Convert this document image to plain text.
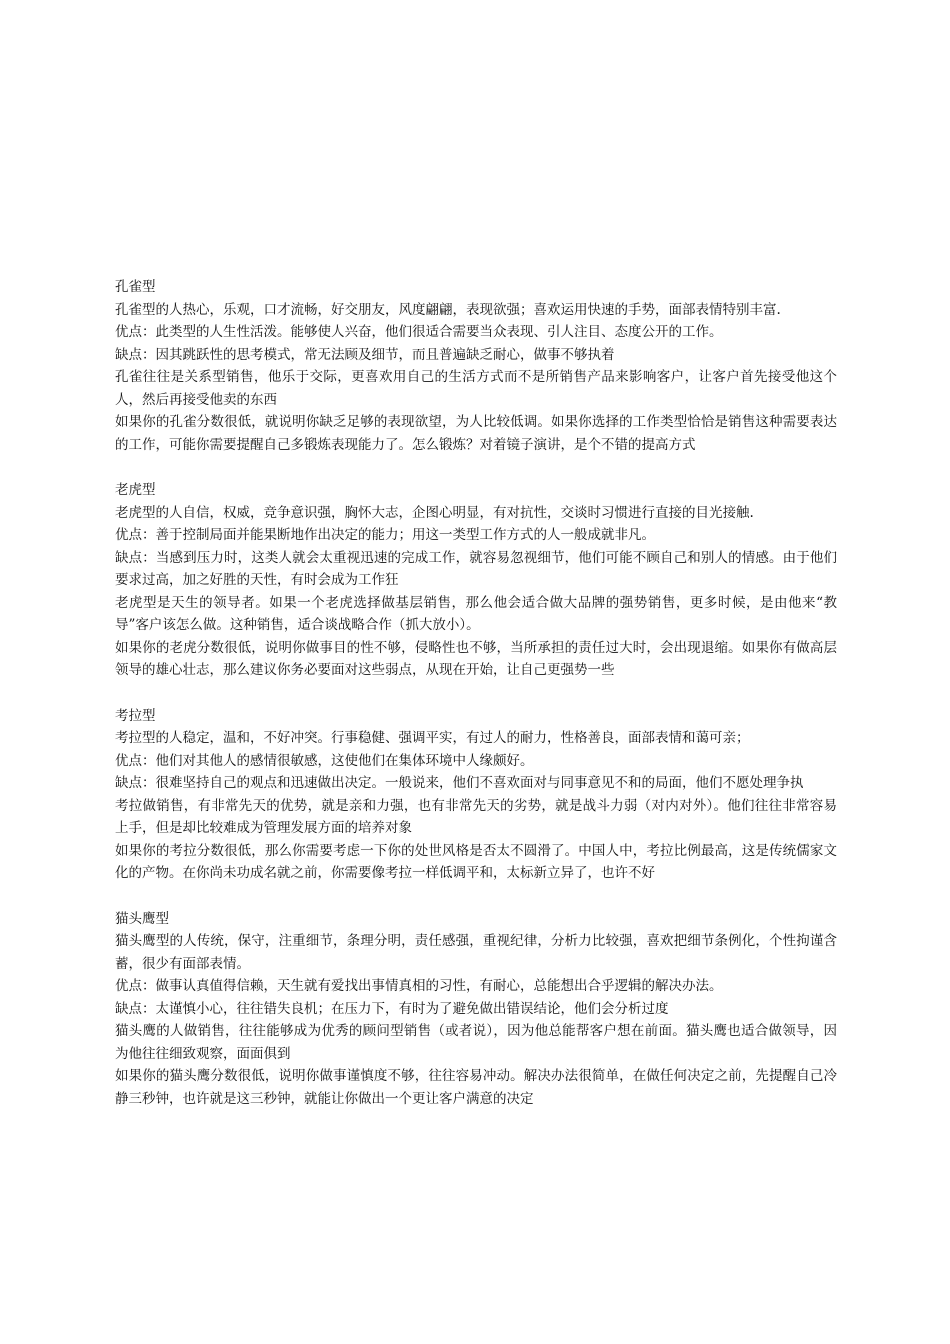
孔雀型

孔雀型的人热心，乐观，口才流畅，好交朋友，风度翩翩，表现欲强；喜欢运用快速的手势，面部表情特别丰富.

优点：此类型的人生性活泼。能够使人兴奋，他们很适合需要当众表现、引人注目、态度公开的工作。

缺点：因其跳跃性的思考模式，常无法顾及细节，而且普遍缺乏耐心，做事不够执着

孔雀往往是关系型销售，他乐于交际，更喜欢用自己的生活方式而不是所销售产品来影响客户，让客户首先接受他这个人，然后再接受他卖的东西

如果你的孔雀分数很低，就说明你缺乏足够的表现欲望，为人比较低调。如果你选择的工作类型恰恰是销售这种需要表达的工作，可能你需要提醒自己多锻炼表现能力了。怎么锻炼？对着镜子演讲，是个不错的提高方式

老虎型

老虎型的人自信，权威，竞争意识强，胸怀大志，企图心明显，有对抗性，交谈时习惯进行直接的目光接触.

优点：善于控制局面并能果断地作出决定的能力；用这一类型工作方式的人一般成就非凡。

缺点：当感到压力时，这类人就会太重视迅速的完成工作，就容易忽视细节，他们可能不顾自己和别人的情感。由于他们要求过高，加之好胜的天性，有时会成为工作狂

老虎型是天生的领导者。如果一个老虎选择做基层销售，那么他会适合做大品牌的强势销售，更多时候，是由他来“教导”客户该怎么做。这种销售，适合谈战略合作（抓大放小）。

如果你的老虎分数很低，说明你做事目的性不够，侵略性也不够，当所承担的责任过大时，会出现退缩。如果你有做高层领导的雄心壮志，那么建议你务必要面对这些弱点，从现在开始，让自己更强势一些

考拉型

考拉型的人稳定，温和，不好冲突。行事稳健、强调平实，有过人的耐力，性格善良，面部表情和蔼可亲；

优点：他们对其他人的感情很敏感，这使他们在集体环境中人缘颇好。

缺点：很难坚持自己的观点和迅速做出决定。一般说来，他们不喜欢面对与同事意见不和的局面，他们不愿处理争执

考拉做销售，有非常先天的优势，就是亲和力强，也有非常先天的劣势，就是战斗力弱（对内对外）。他们往往非常容易上手，但是却比较难成为管理发展方面的培养对象

如果你的考拉分数很低，那么你需要考虑一下你的处世风格是否太不圆滑了。中国人中，考拉比例最高，这是传统儒家文化的产物。在你尚未功成名就之前，你需要像考拉一样低调平和，太标新立异了，也许不好

猫头鹰型

猫头鹰型的人传统，保守，注重细节，条理分明，责任感强，重视纪律，分析力比较强，喜欢把细节条例化，个性拘谨含蓄，很少有面部表情。

优点：做事认真值得信赖，天生就有爱找出事情真相的习性，有耐心，总能想出合乎逻辑的解决办法。

缺点：太谨慎小心，往往错失良机；在压力下，有时为了避免做出错误结论，他们会分析过度

猫头鹰的人做销售，往往能够成为优秀的顾问型销售（或者说），因为他总能帮客户想在前面。猫头鹰也适合做领导，因为他往往细致观察，面面俱到

如果你的猫头鹰分数很低，说明你做事谨慎度不够，往往容易冲动。解决办法很简单，在做任何决定之前，先提醒自己冷静三秒钟，也许就是这三秒钟，就能让你做出一个更让客户满意的决定
